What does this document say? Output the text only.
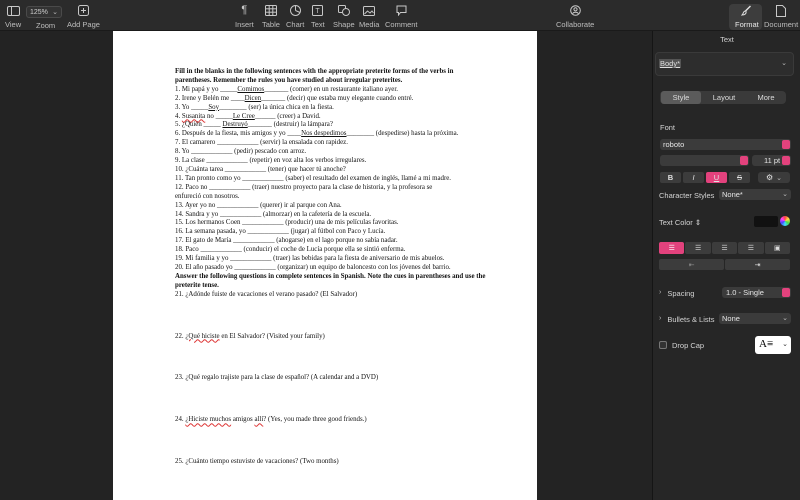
View
125% ⌄
Zoom Add Page
¶
Insert Table Chart
T
Text Shape Media Comment	Collaborate	Format Document

Fill in the blanks in the following sentences with the appropriate preterite forms of the verbs in parentheses. Remember the rules you have studied about irregular preterites.

1. Mi papá y yo _____Comimos_______ (comer) en un restaurante italiano ayer.

2. Irene y Belén me ____Dicen_______ (decir) que estaba muy elegante cuando entré.

3. Yo _____Soy________ (ser) la única chica en la fiesta.

4. Susanita no _____Le Cree______ (creer) a David.

5. ¿Quién _____ Destruyó_______ (destruir) la lámpara?

6. Después de la fiesta, mis amigos y yo ____Nos despedimos________ (despedirse) hasta la próxima.

7. El camarero ____________ (servir) la ensalada con rapidez.

8. Yo ____________ (pedir) pescado con arroz.

9. La clase ____________ (repetir) en voz alta los verbos irregulares.

10. ¿Cuánta tarea ____________ (tener) que hacer tú anoche?

11. Tan pronto como yo ____________ (saber) el resultado del examen de inglés, llamé a mi madre.

12. Paco no ____________ (traer) nuestro proyecto para la clase de historia, y la profesora se

enfureció con nosotros.

13. Ayer yo no ____________ (querer) ir al parque con Ana.

14. Sandra y yo ____________ (almorzar) en la cafetería de la escuela.

15. Los hermanos Coen ____________ (producir) una de mis películas favoritas.

16. La semana pasada, yo ____________ (jugar) al fútbol con Paco y Lucía.

17. El gato de María ____________ (ahogarse) en el lago porque no sabía nadar.

18. Paco ____________ (conducir) el coche de Lucía porque ella se sintió enferma.

19. Mi familia y yo ____________ (traer) las bebidas para la fiesta de aniversario de mis abuelos.

20. El año pasado yo ____________ (organizar) un equipo de baloncesto con los jóvenes del barrio.

Answer the following questions in complete sentences in Spanish. Note the cues in parentheses and use the preterite tense.

21. ¿Adónde fuiste de vacaciones el verano pasado? (El Salvador)

22. ¿Qué hiciste en El Salvador? (Visited your family)

23. ¿Qué regalo trajiste para la clase de español? (A calendar and a DVD)

24. ¿Hiciste muchos amigos allí? (Yes, you made three good friends.)

25. ¿Cuánto tiempo estuviste de vacaciones? (Two months)

Text
Body*	⌄
Style	Layout	More
Font
roboto
11 pt
B	I	U	S	⚙ ⌄
Character Styles None*	⌄
Text Color ⇕
☰	☰	☰	☰	▣
⇤	⇥
› Spacing	1.0 - Single
› Bullets & Lists None	⌄
Drop Cap	A≡ ⌄
